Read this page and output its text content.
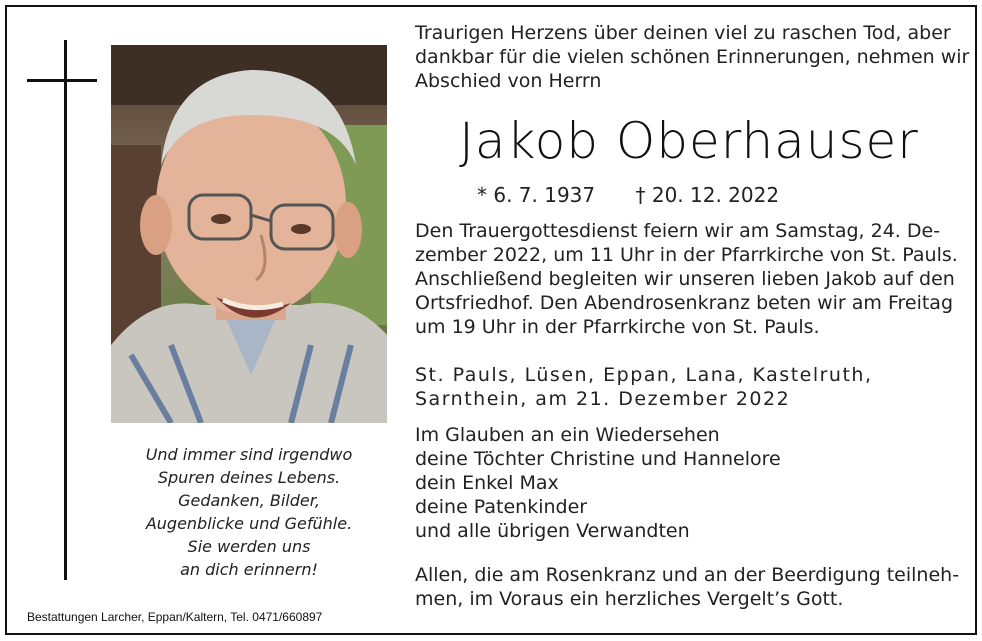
Und immer sind irgendwo
Spuren deines Lebens.
Gedanken, Bilder,
Augenblicke und Gefühle.
Sie werden uns
an dich erinnern!
Bestattungen Larcher, Eppan/Kaltern, Tel. 0471/660897
Traurigen Herzens über deinen viel zu raschen Tod, aber
dankbar für die vielen schönen Erinnerungen, nehmen wir
Abschied von Herrn
Jakob Oberhauser
* 6. 7. 1937 † 20. 12. 2022
Den Trauergottesdienst feiern wir am Samstag, 24. De-
zember 2022, um 11 Uhr in der Pfarrkirche von St. Pauls.
Anschließend begleiten wir unseren lieben Jakob auf den
Ortsfriedhof. Den Abendrosenkranz beten wir am Freitag
um 19 Uhr in der Pfarrkirche von St. Pauls.
St. Pauls, Lüsen, Eppan, Lana, Kastelruth,
Sarnthein, am 21. Dezember 2022
Im Glauben an ein Wiedersehen
deine Töchter Christine und Hannelore
dein Enkel Max
deine Patenkinder
und alle übrigen Verwandten
Allen, die am Rosenkranz und an der Beerdigung teilneh-
men, im Voraus ein herzliches Vergelt’s Gott.
